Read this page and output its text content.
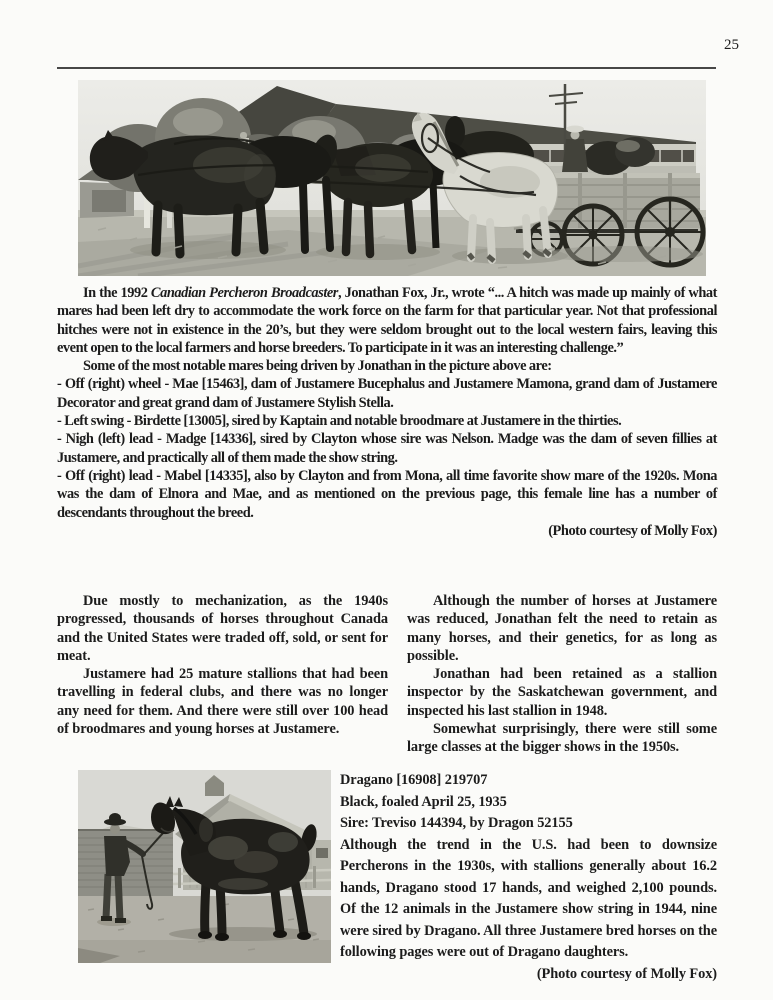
25

In the 1992 Canadian Percheron Broadcaster, Jonathan Fox, Jr., wrote “... A hitch was made up mainly of what mares had been left dry to accommodate the work force on the farm for that particular year. Not that professional hitches were not in existence in the 20’s, but they were seldom brought out to the local western fairs, leaving this event open to the local farmers and horse breeders. To participate in it was an interesting challenge.”

Some of the most notable mares being driven by Jonathan in the picture above are:

- Off (right) wheel - Mae [15463], dam of Justamere Bucephalus and Justamere Mamona, grand dam of Justamere Decorator and great grand dam of Justamere Stylish Stella.

- Left swing - Birdette [13005], sired by Kaptain and notable broodmare at Justamere in the thirties.

- Nigh (left) lead - Madge [14336], sired by Clayton whose sire was Nelson. Madge was the dam of seven fillies at Justamere, and practically all of them made the show string.

- Off (right) lead - Mabel [14335], also by Clayton and from Mona, all time favorite show mare of the 1920s. Mona was the dam of Elnora and Mae, and as mentioned on the previous page, this female line has a number of descendants throughout the breed.

(Photo courtesy of Molly Fox)

Due mostly to mechanization, as the 1940s progressed, thousands of horses throughout Canada and the United States were traded off, sold, or sent for meat.

Justamere had 25 mature stallions that had been travelling in federal clubs, and there was no longer any need for them. And there were still over 100 head of broodmares and young horses at Justamere.

Although the number of horses at Justamere was reduced, Jonathan felt the need to retain as many horses, and their genetics, for as long as possible.

Jonathan had been retained as a stallion inspector by the Saskatchewan government, and inspected his last stallion in 1948.

Somewhat surprisingly, there were still some large classes at the bigger shows in the 1950s.

Dragano [16908] 219707

Black, foaled April 25, 1935

Sire: Treviso 144394, by Dragon 52155

Although the trend in the U.S. had been to downsize Percherons in the 1930s, with stallions generally about 16.2 hands, Dragano stood 17 hands, and weighed 2,100 pounds. Of the 12 animals in the Justamere show string in 1944, nine were sired by Dragano. All three Justamere bred horses on the following pages were out of Dragano daughters.

(Photo courtesy of Molly Fox)
